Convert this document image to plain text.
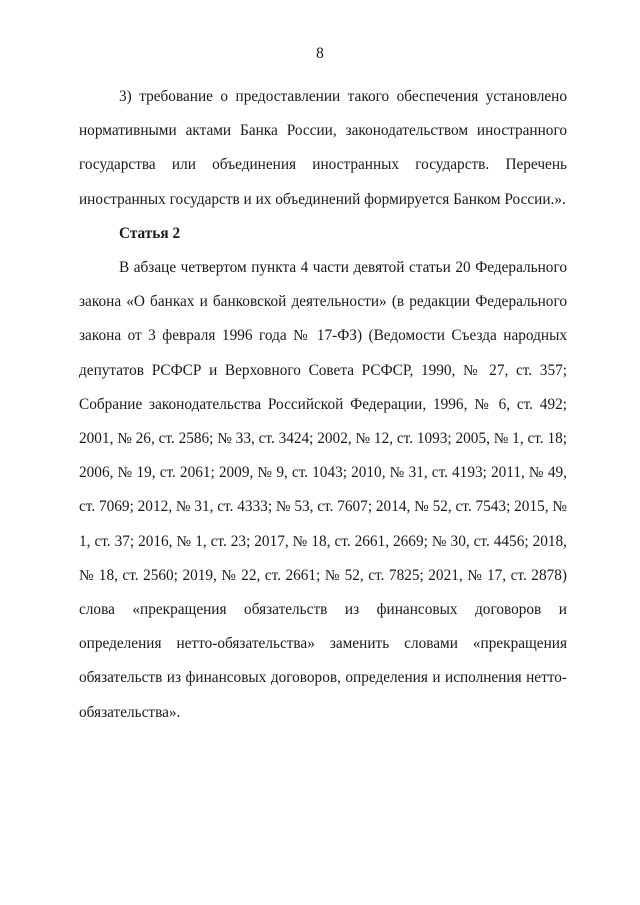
8

3) требование о предоставлении такого обеспечения установлено нормативными актами Банка России, законодательством иностранного государства или объединения иностранных государств. Перечень иностранных государств и их объединений формируется Банком России.».

Статья 2

В абзаце четвертом пункта 4 части девятой статьи 20 Федерального закона «О банках и банковской деятельности» (в редакции Федерального закона от 3 февраля 1996 года № 17-ФЗ) (Ведомости Съезда народных депутатов РСФСР и Верховного Совета РСФСР, 1990, № 27, ст. 357; Собрание законодательства Российской Федерации, 1996, № 6, ст. 492; 2001, № 26, ст. 2586; № 33, ст. 3424; 2002, № 12, ст. 1093; 2005, № 1, ст. 18; 2006, № 19, ст. 2061; 2009, № 9, ст. 1043; 2010, № 31, ст. 4193; 2011, № 49, ст. 7069; 2012, № 31, ст. 4333; № 53, ст. 7607; 2014, № 52, ст. 7543; 2015, № 1, ст. 37; 2016, № 1, ст. 23; 2017, № 18, ст. 2661, 2669; № 30, ст. 4456; 2018, № 18, ст. 2560; 2019, № 22, ст. 2661; № 52, ст. 7825; 2021, № 17, ст. 2878) слова «прекращения обязательств из финансовых договоров и определения нетто-обязательства» заменить словами «прекращения обязательств из финансовых договоров, определения и исполнения нетто-обязательства».
